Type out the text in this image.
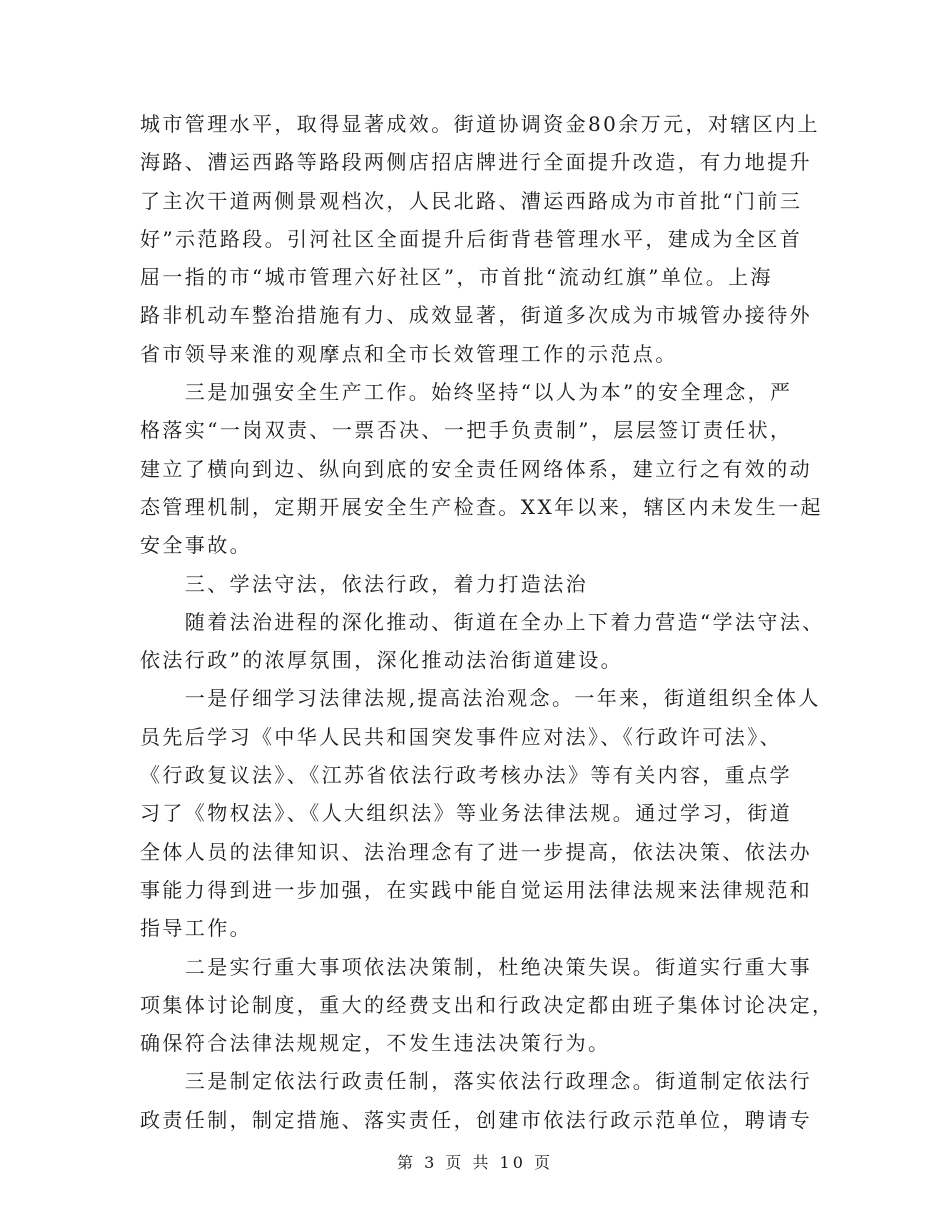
城市管理水平，取得显著成效。街道协调资金80余万元，对辖区内上
海路、漕运西路等路段两侧店招店牌进行全面提升改造，有力地提升
了主次干道两侧景观档次，人民北路、漕运西路成为市首批“门前三
好”示范路段。引河社区全面提升后街背巷管理水平，建成为全区首
屈一指的市“城市管理六好社区”，市首批“流动红旗”单位。上海
路非机动车整治措施有力、成效显著，街道多次成为市城管办接待外
省市领导来淮的观摩点和全市长效管理工作的示范点。
　　三是加强安全生产工作。始终坚持“以人为本”的安全理念，严
格落实“一岗双责、一票否决、一把手负责制”，层层签订责任状，
建立了横向到边、纵向到底的安全责任网络体系，建立行之有效的动
态管理机制，定期开展安全生产检查。XX年以来，辖区内未发生一起
安全事故。
　　三、学法守法，依法行政，着力打造法治
　　随着法治进程的深化推动、街道在全办上下着力营造“学法守法、
依法行政”的浓厚氛围，深化推动法治街道建设。
　　一是仔细学习法律法规,提高法治观念。一年来，街道组织全体人
员先后学习《中华人民共和国突发事件应对法》、《行政许可法》、
《行政复议法》、《江苏省依法行政考核办法》等有关内容，重点学
习了《物权法》、《人大组织法》等业务法律法规。通过学习，街道
全体人员的法律知识、法治理念有了进一步提高，依法决策、依法办
事能力得到进一步加强，在实践中能自觉运用法律法规来法律规范和
指导工作。
　　二是实行重大事项依法决策制，杜绝决策失误。街道实行重大事
项集体讨论制度，重大的经费支出和行政决定都由班子集体讨论决定，
确保符合法律法规规定，不发生违法决策行为。
　　三是制定依法行政责任制，落实依法行政理念。街道制定依法行
政责任制，制定措施、落实责任，创建市依法行政示范单位，聘请专
第 3 页 共 10 页
